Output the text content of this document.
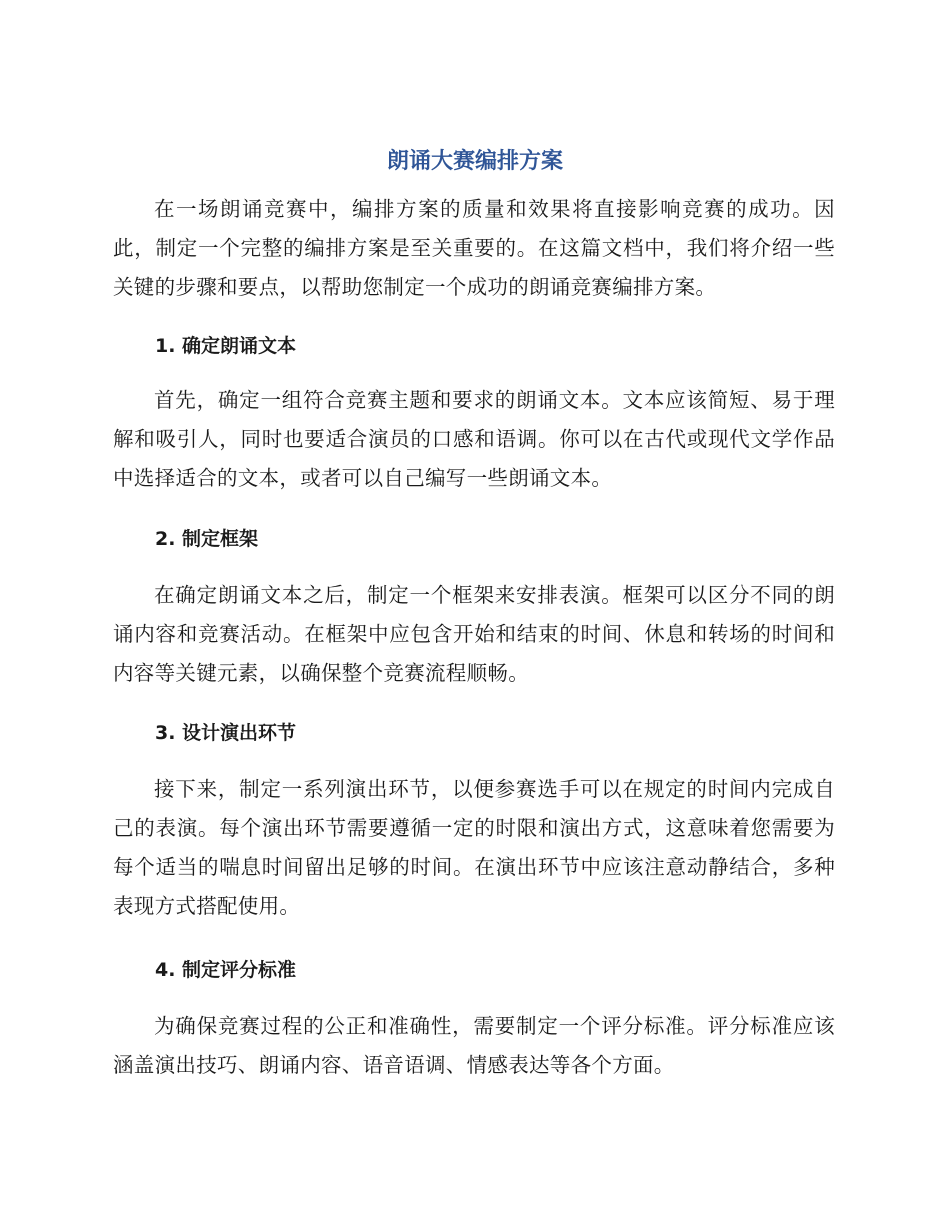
朗诵大赛编排方案

在一场朗诵竞赛中，编排方案的质量和效果将直接影响竞赛的成功。因此，制定一个完整的编排方案是至关重要的。在这篇文档中，我们将介绍一些关键的步骤和要点，以帮助您制定一个成功的朗诵竞赛编排方案。

1. 确定朗诵文本

首先，确定一组符合竞赛主题和要求的朗诵文本。文本应该简短、易于理解和吸引人，同时也要适合演员的口感和语调。你可以在古代或现代文学作品中选择适合的文本，或者可以自己编写一些朗诵文本。

2. 制定框架

在确定朗诵文本之后，制定一个框架来安排表演。框架可以区分不同的朗诵内容和竞赛活动。在框架中应包含开始和结束的时间、休息和转场的时间和内容等关键元素，以确保整个竞赛流程顺畅。

3. 设计演出环节

接下来，制定一系列演出环节，以便参赛选手可以在规定的时间内完成自己的表演。每个演出环节需要遵循一定的时限和演出方式，这意味着您需要为每个适当的喘息时间留出足够的时间。在演出环节中应该注意动静结合，多种表现方式搭配使用。

4. 制定评分标准

为确保竞赛过程的公正和准确性，需要制定一个评分标准。评分标准应该涵盖演出技巧、朗诵内容、语音语调、情感表达等各个方面。
